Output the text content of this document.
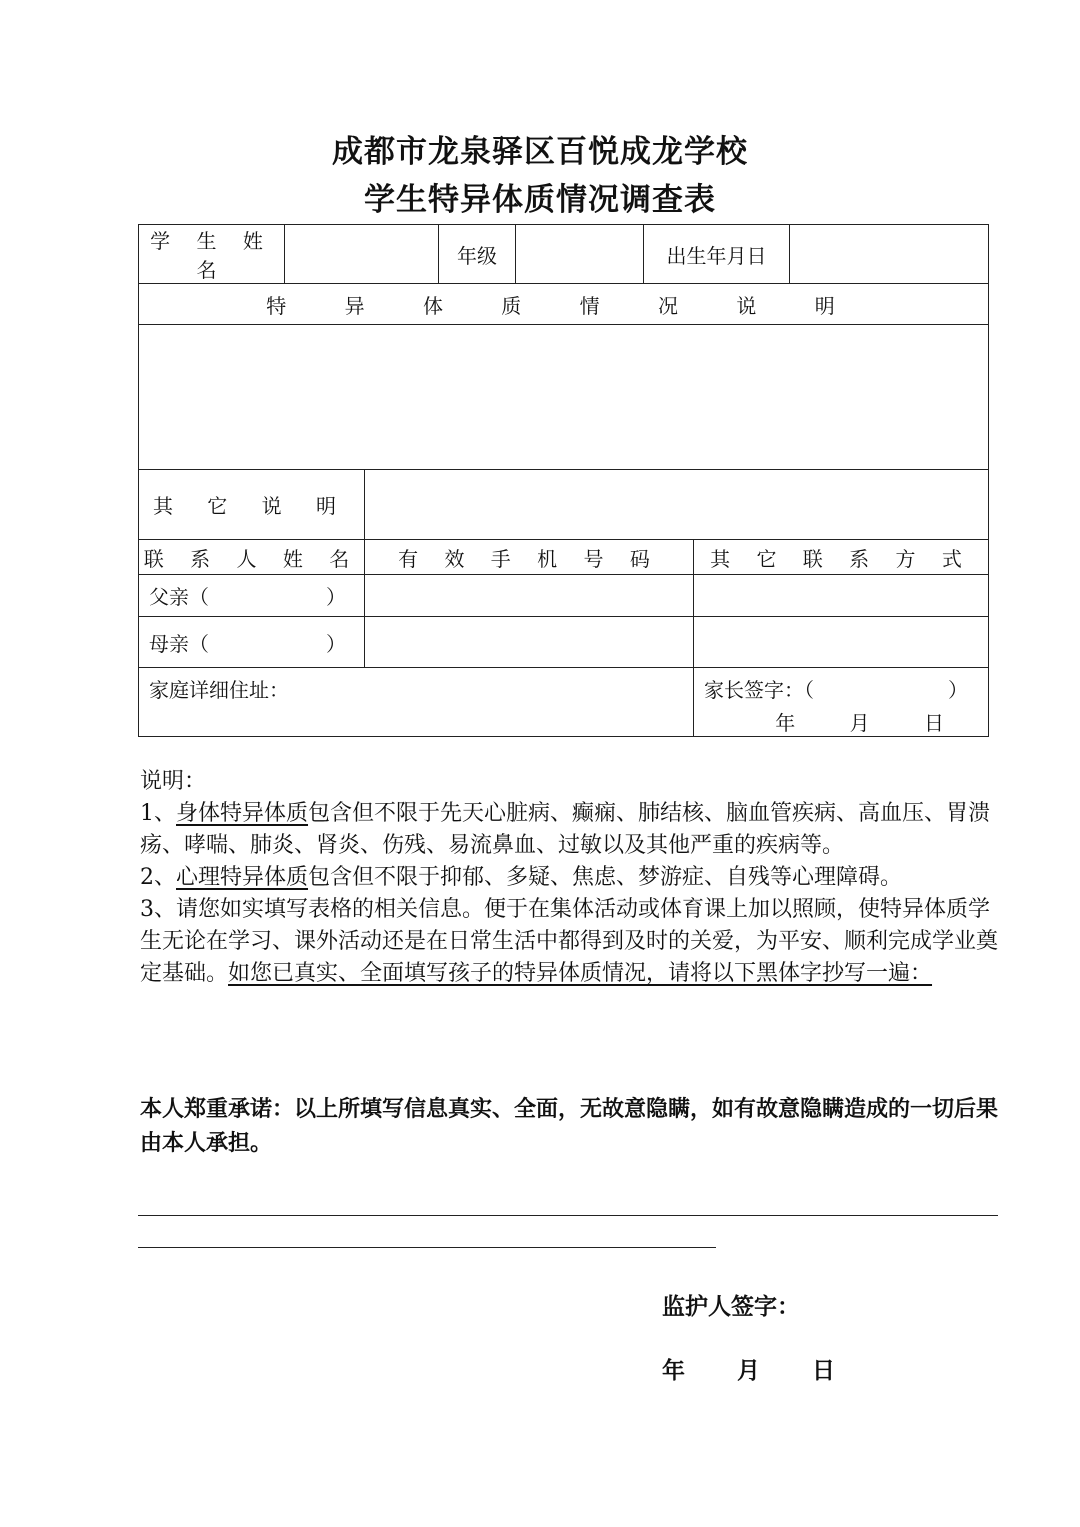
成都市龙泉驿区百悦成龙学校
学生特异体质情况调查表
学 生 姓 名			年级		出生年月日		
特 异 体 质 情 况 说 明							

其 它 说 明							
联 系 人 姓 名		有 效 手 机 号 码				其 它 联 系 方 式	

父亲（ ）							

母亲（ ）							

家庭详细住址：						家长签字：（ ）
年 月 日	

说明：

1、身体特异体质包含但不限于先天心脏病、癫痫、肺结核、脑血管疾病、高血压、胃溃疡、哮喘、肺炎、肾炎、伤残、易流鼻血、过敏以及其他严重的疾病等。

2、心理特异体质包含但不限于抑郁、多疑、焦虑、梦游症、自残等心理障碍。

3、请您如实填写表格的相关信息。便于在集体活动或体育课上加以照顾，使特异体质学生无论在学习、课外活动还是在日常生活中都得到及时的关爱，为平安、顺利完成学业奠定基础。如您已真实、全面填写孩子的特异体质情况，请将以下黑体字抄写一遍：

本人郑重承诺：以上所填写信息真实、全面，无故意隐瞒，如有故意隐瞒造成的一切后果由本人承担。
监护人签字：
年 月 日
